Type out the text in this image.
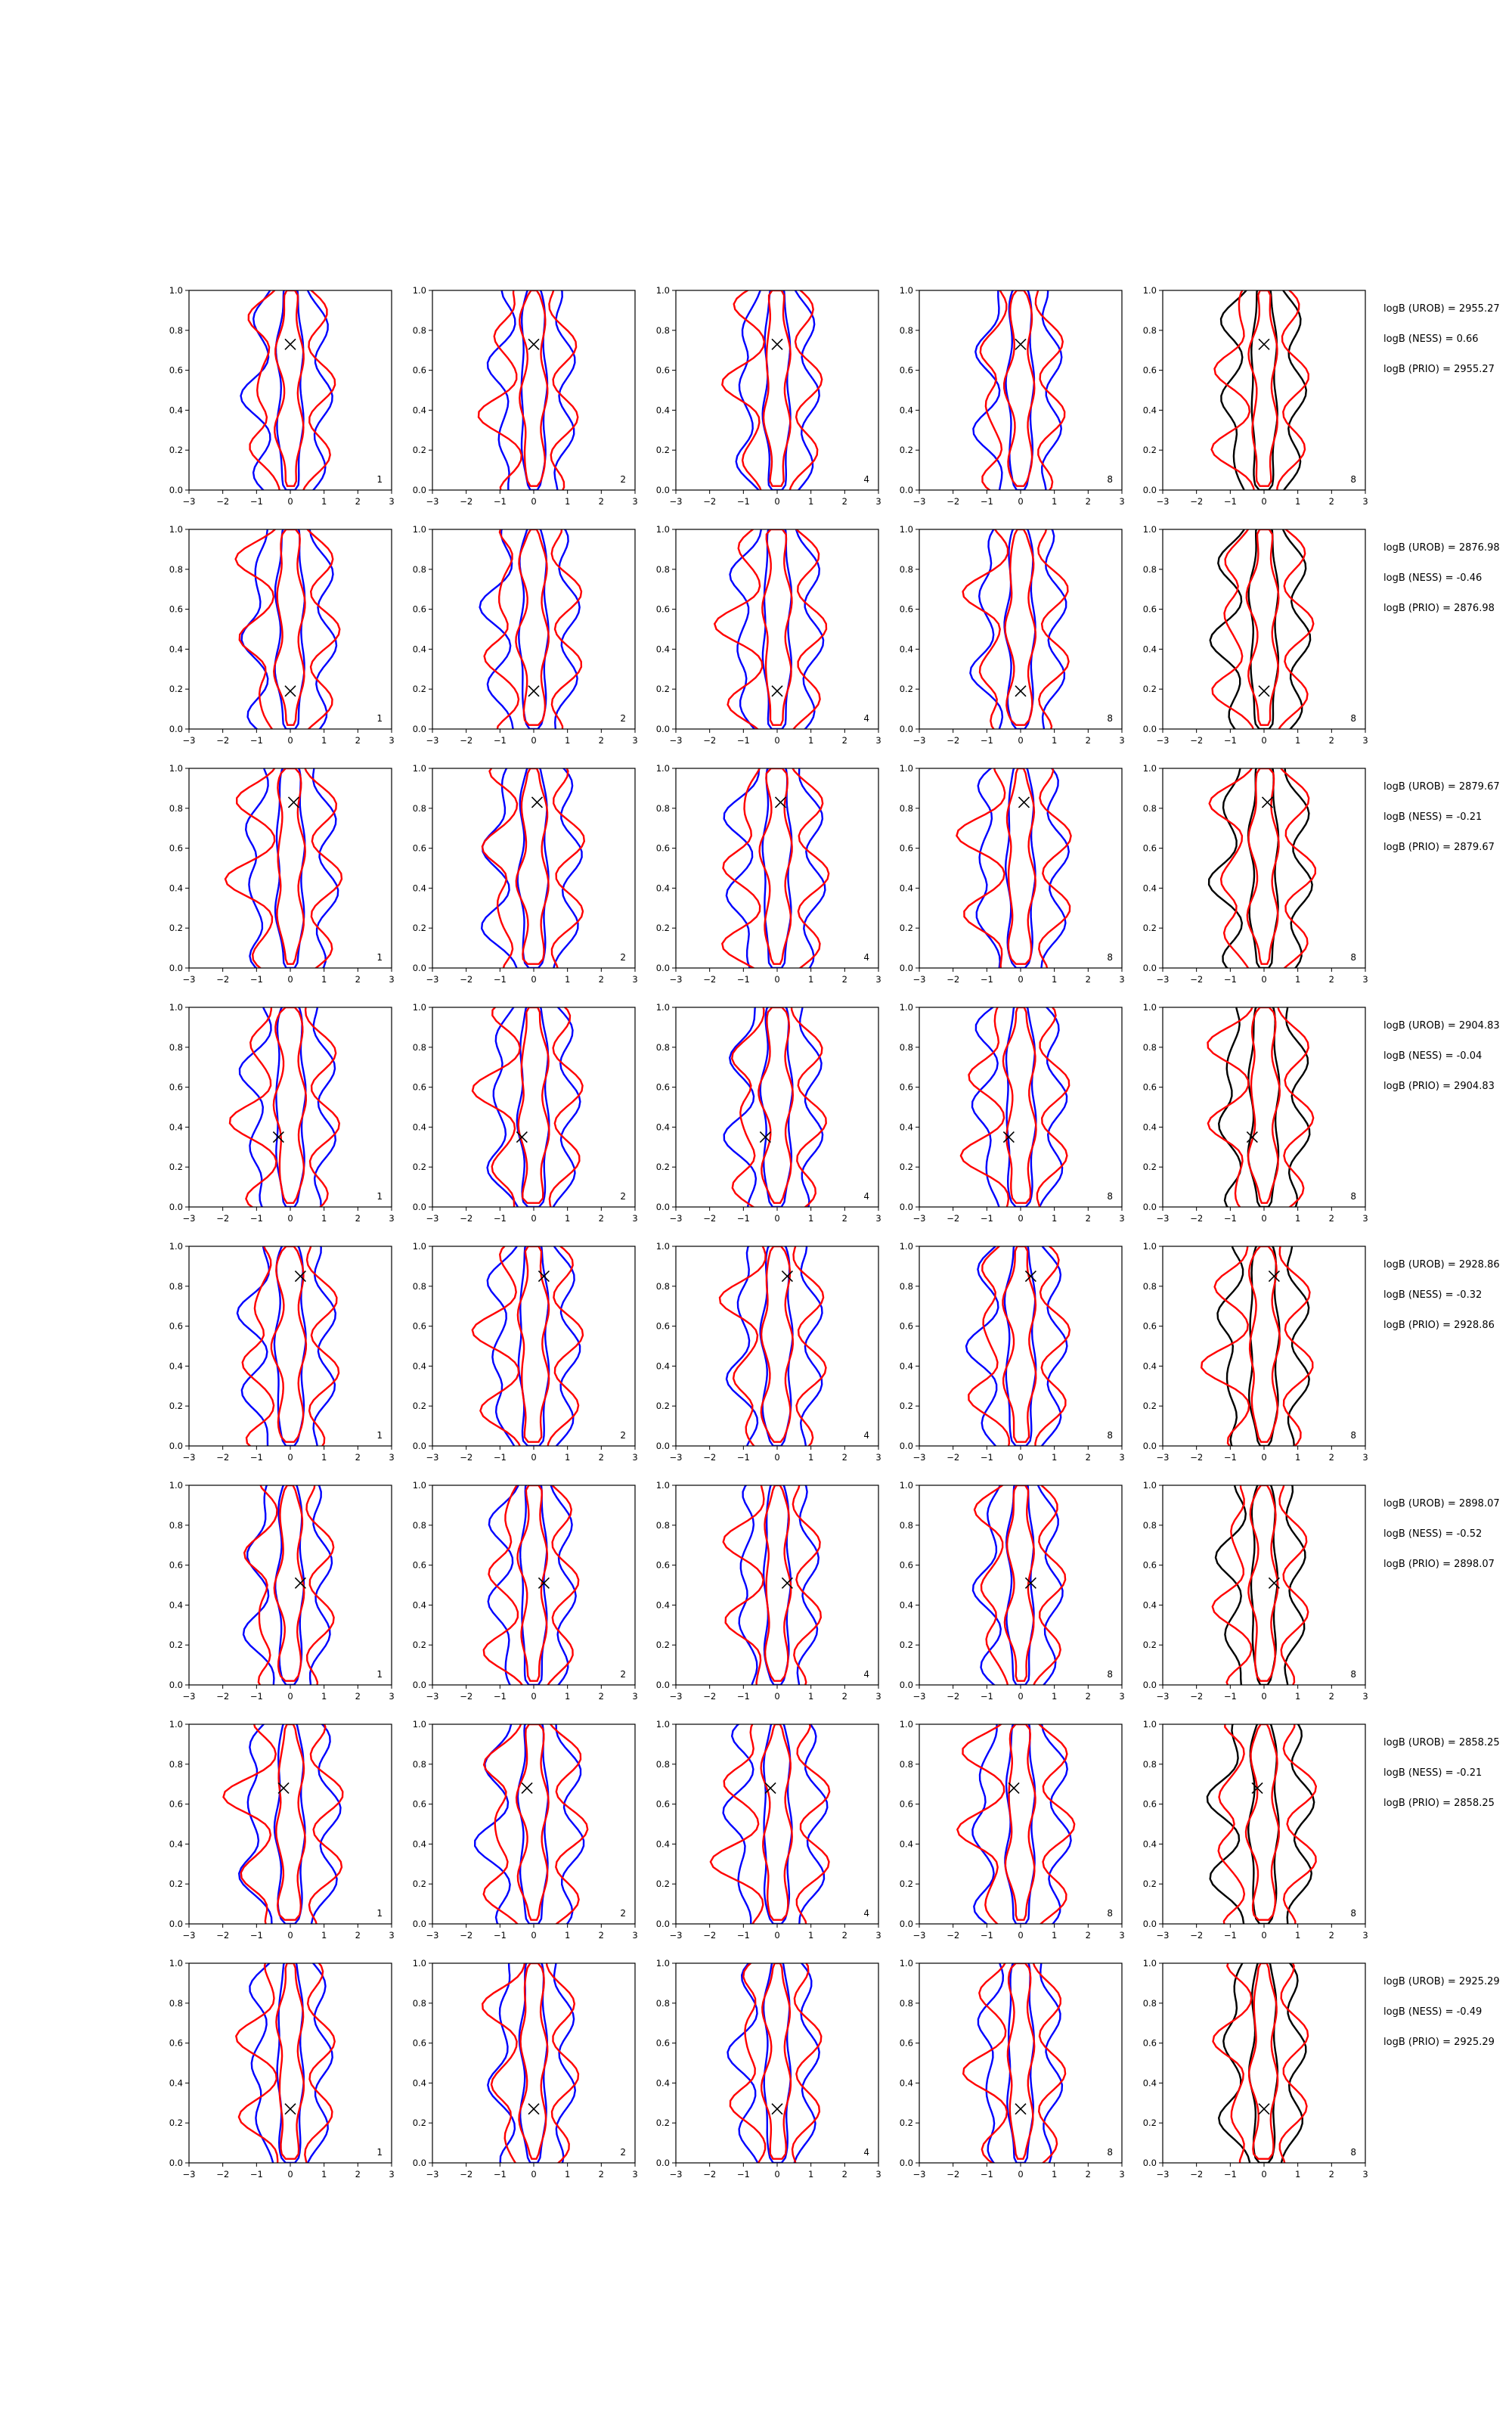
−3 −2 −1	0	1	2	3
0.0
0.2
0.4
0.6
0.8
1.0
1
−3 −2 −1	0	1	2	3
0.0
0.2
0.4
0.6
0.8
1.0
2
−3 −2 −1	0	1	2	3
0.0
0.2
0.4
0.6
0.8
1.0
4
−3 −2 −1	0	1	2	3
0.0
0.2
0.4
0.6
0.8
1.0
8
−3 −2 −1	0	1	2	3
0.0
0.2
0.4
0.6
0.8
1.0
8
logB (UROB) = 2955.27
logB (NESS) = 0.66
logB (PRIO) = 2955.27
−3 −2 −1	0	1	2	3
0.0
0.2
0.4
0.6
0.8
1.0
1
−3 −2 −1	0	1	2	3
0.0
0.2
0.4
0.6
0.8
1.0
2
−3 −2 −1	0	1	2	3
0.0
0.2
0.4
0.6
0.8
1.0
4
−3 −2 −1	0	1	2	3
0.0
0.2
0.4
0.6
0.8
1.0
8
−3 −2 −1	0	1	2	3
0.0
0.2
0.4
0.6
0.8
1.0
8
logB (UROB) = 2876.98
logB (NESS) = -0.46
logB (PRIO) = 2876.98
−3 −2 −1	0	1	2	3
0.0
0.2
0.4
0.6
0.8
1.0
1
−3 −2 −1	0	1	2	3
0.0
0.2
0.4
0.6
0.8
1.0
2
−3 −2 −1	0	1	2	3
0.0
0.2
0.4
0.6
0.8
1.0
4
−3 −2 −1	0	1	2	3
0.0
0.2
0.4
0.6
0.8
1.0
8
−3 −2 −1	0	1	2	3
0.0
0.2
0.4
0.6
0.8
1.0
8
logB (UROB) = 2879.67
logB (NESS) = -0.21
logB (PRIO) = 2879.67
−3 −2 −1	0	1	2	3
0.0
0.2
0.4
0.6
0.8
1.0
1
−3 −2 −1	0	1	2	3
0.0
0.2
0.4
0.6
0.8
1.0
2
−3 −2 −1	0	1	2	3
0.0
0.2
0.4
0.6
0.8
1.0
4
−3 −2 −1	0	1	2	3
0.0
0.2
0.4
0.6
0.8
1.0
8
−3 −2 −1	0	1	2	3
0.0
0.2
0.4
0.6
0.8
1.0
8
logB (UROB) = 2904.83
logB (NESS) = -0.04
logB (PRIO) = 2904.83
−3 −2 −1	0	1	2	3
0.0
0.2
0.4
0.6
0.8
1.0
1
−3 −2 −1	0	1	2	3
0.0
0.2
0.4
0.6
0.8
1.0
2
−3 −2 −1	0	1	2	3
0.0
0.2
0.4
0.6
0.8
1.0
4
−3 −2 −1	0	1	2	3
0.0
0.2
0.4
0.6
0.8
1.0
8
−3 −2 −1	0	1	2	3
0.0
0.2
0.4
0.6
0.8
1.0
8
logB (UROB) = 2928.86
logB (NESS) = -0.32
logB (PRIO) = 2928.86
−3 −2 −1	0	1	2	3
0.0
0.2
0.4
0.6
0.8
1.0
1
−3 −2 −1	0	1	2	3
0.0
0.2
0.4
0.6
0.8
1.0
2
−3 −2 −1	0	1	2	3
0.0
0.2
0.4
0.6
0.8
1.0
4
−3 −2 −1	0	1	2	3
0.0
0.2
0.4
0.6
0.8
1.0
8
−3 −2 −1	0	1	2	3
0.0
0.2
0.4
0.6
0.8
1.0
8
logB (UROB) = 2898.07
logB (NESS) = -0.52
logB (PRIO) = 2898.07
−3 −2 −1	0	1	2	3
0.0
0.2
0.4
0.6
0.8
1.0
1
−3 −2 −1	0	1	2	3
0.0
0.2
0.4
0.6
0.8
1.0
2
−3 −2 −1	0	1	2	3
0.0
0.2
0.4
0.6
0.8
1.0
4
−3 −2 −1	0	1	2	3
0.0
0.2
0.4
0.6
0.8
1.0
8
−3 −2 −1	0	1	2	3
0.0
0.2
0.4
0.6
0.8
1.0
8
logB (UROB) = 2858.25
logB (NESS) = -0.21
logB (PRIO) = 2858.25
−3 −2 −1	0	1	2	3
0.0
0.2
0.4
0.6
0.8
1.0
1
−3 −2 −1	0	1	2	3
0.0
0.2
0.4
0.6
0.8
1.0
2
−3 −2 −1	0	1	2	3
0.0
0.2
0.4
0.6
0.8
1.0
4
−3 −2 −1	0	1	2	3
0.0
0.2
0.4
0.6
0.8
1.0
8
−3 −2 −1	0	1	2	3
0.0
0.2
0.4
0.6
0.8
1.0
8
logB (UROB) = 2925.29
logB (NESS) = -0.49
logB (PRIO) = 2925.29
